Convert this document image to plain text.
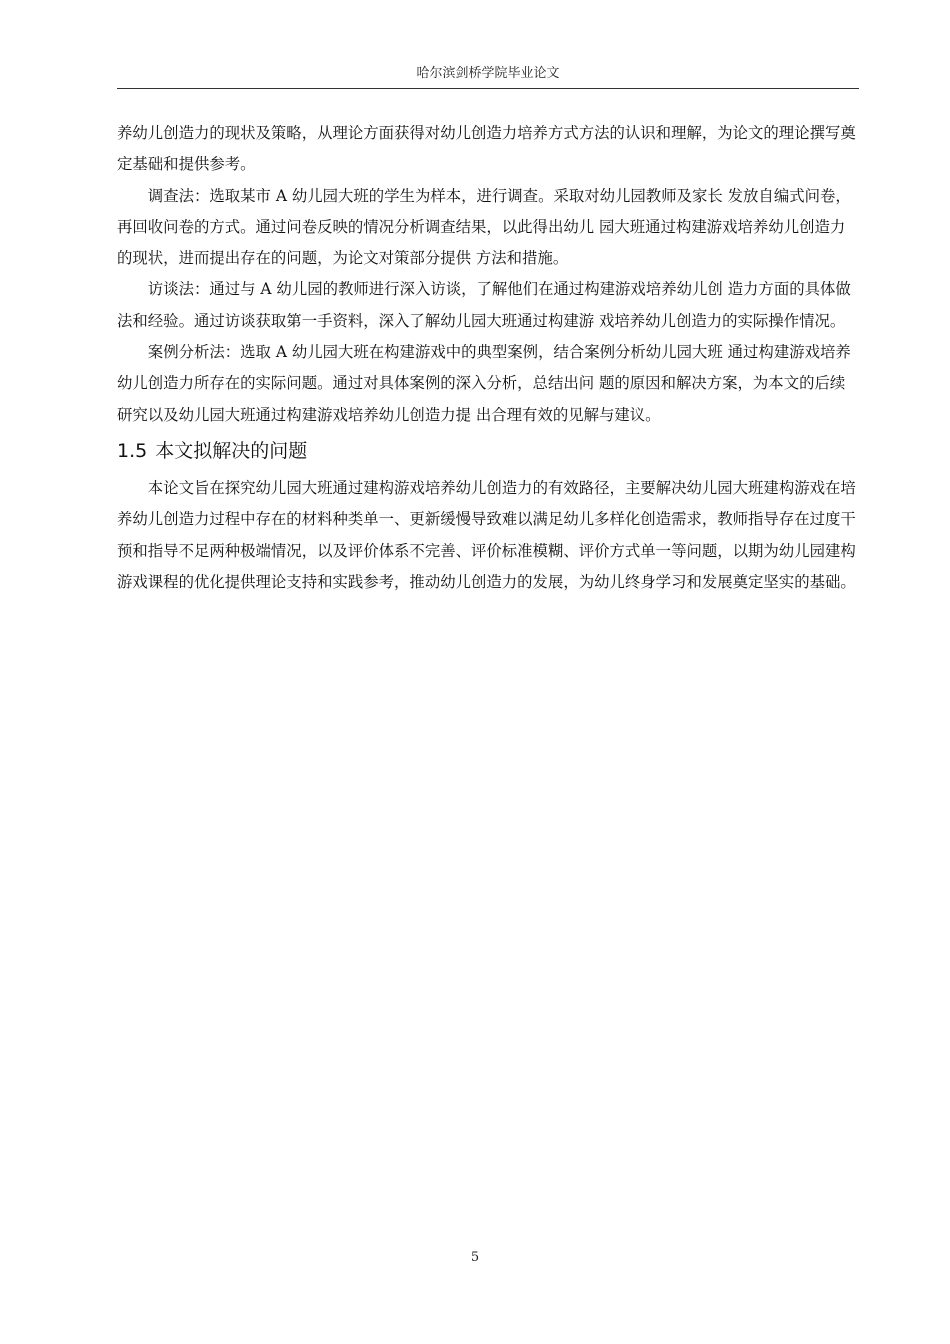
哈尔滨剑桥学院毕业论文

养幼儿创造力的现状及策略，从理论方面获得对幼儿创造力培养方式方法的认识和理解，为论文的理论撰写奠定基础和提供参考。

调查法：选取某市 A 幼儿园大班的学生为样本，进行调查。采取对幼儿园教师及家长 发放自编式问卷，再回收问卷的方式。通过问卷反映的情况分析调查结果，以此得出幼儿 园大班通过构建游戏培养幼儿创造力的现状，进而提出存在的问题，为论文对策部分提供 方法和措施。

访谈法：通过与 A 幼儿园的教师进行深入访谈，了解他们在通过构建游戏培养幼儿创 造力方面的具体做法和经验。通过访谈获取第一手资料，深入了解幼儿园大班通过构建游 戏培养幼儿创造力的实际操作情况。

案例分析法：选取 A 幼儿园大班在构建游戏中的典型案例，结合案例分析幼儿园大班 通过构建游戏培养幼儿创造力所存在的实际问题。通过对具体案例的深入分析，总结出问 题的原因和解决方案，为本文的后续研究以及幼儿园大班通过构建游戏培养幼儿创造力提 出合理有效的见解与建议。

1.5 本文拟解决的问题

本论文旨在探究幼儿园大班通过建构游戏培养幼儿创造力的有效路径，主要解决幼儿园大班建构游戏在培养幼儿创造力过程中存在的材料种类单一、更新缓慢导致难以满足幼儿多样化创造需求，教师指导存在过度干预和指导不足两种极端情况，以及评价体系不完善、评价标准模糊、评价方式单一等问题，以期为幼儿园建构游戏课程的优化提供理论支持和实践参考，推动幼儿创造力的发展，为幼儿终身学习和发展奠定坚实的基础。

5
